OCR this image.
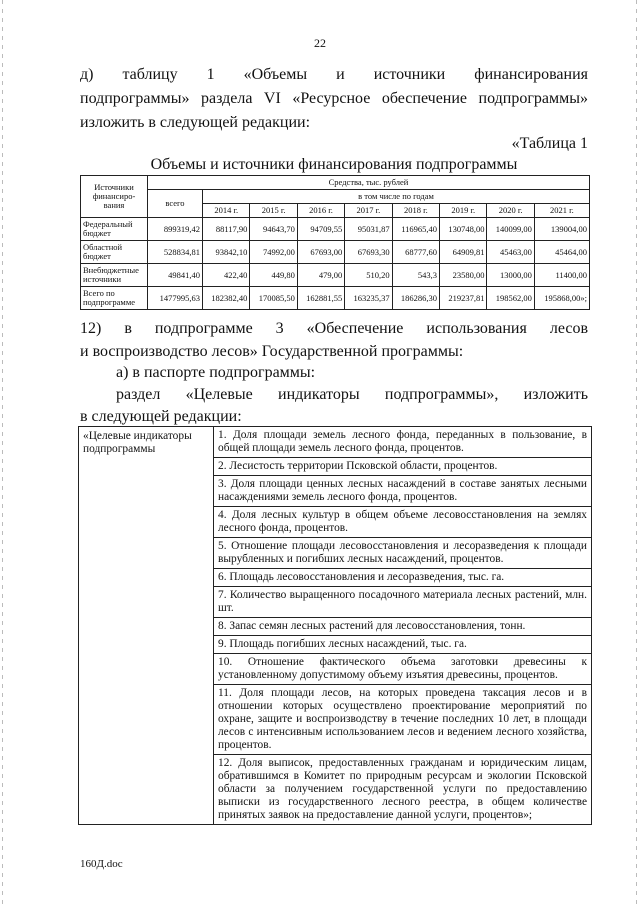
22
д) таблицу 1 «Объемы и источники финансирования
подпрограммы» раздела VI «Ресурсное обеспечение подпрограммы»
изложить в следующей редакции:
«Таблица 1
Объемы и источники финансирования подпрограммы
Источники финансиро-вания	Средства, тыс. рублей								
	всего	в том числе по годам							
		2014 г.	2015 г.	2016 г.	2017 г.	2018 г.	2019 г.	2020 г.	2021 г.
Федеральный бюджет	899319,42	88117,90	94643,70	94709,55	95031,87	116965,40	130748,00	140099,00	139004,00
Областной бюджет	528834,81	93842,10	74992,00	67693,00	67693,30	68777,60	64909,81	45463,00	45464,00
Внебюджетные источники	49841,40	422,40	449,80	479,00	510,20	543,3	23580,00	13000,00	11400,00
Всего по подпрограмме	1477995,63	182382,40	170085,50	162881,55	163235,37	186286,30	219237,81	198562,00	195868,00»;
12) в подпрограмме 3 «Обеспечение использования лесов
и воспроизводство лесов» Государственной программы:
а) в паспорте подпрограммы:
раздел «Целевые индикаторы подпрограммы», изложить
в следующей редакции:
«Целевые индикаторы подпрограммы	
1. Доля площади земель лесного фонда, переданных в пользование, в общей площади земель лесного фонда, процентов.
2. Лесистость территории Псковской области, процентов.
3. Доля площади ценных лесных насаждений в составе занятых лесными насаждениями земель лесного фонда, процентов.
4. Доля лесных культур в общем объеме лесовосстановления на землях лесного фонда, процентов.
5. Отношение площади лесовосстановления и лесоразведения к площади вырубленных и погибших лесных насаждений, процентов.
6. Площадь лесовосстановления и лесоразведения, тыс. га.
7. Количество выращенного посадочного материала лесных растений, млн. шт.
8. Запас семян лесных растений для лесовосстановления, тонн.
9. Площадь погибших лесных насаждений, тыс. га.
10. Отношение фактического объема заготовки древесины к установленному допустимому объему изъятия древесины, процентов.
11. Доля площади лесов, на которых проведена таксация лесов и в отношении которых осуществлено проектирование мероприятий по охране, защите и воспроизводству в течение последних 10 лет, в площади лесов с интенсивным использованием лесов и ведением лесного хозяйства, процентов.
12. Доля выписок, предоставленных гражданам и юридическим лицам, обратившимся в Комитет по природным ресурсам и экологии Псковской области за получением государственной услуги по предоставлению выписки из государственного лесного реестра, в общем количестве принятых заявок на предоставление данной услуги, процентов»;
160Д.doc
